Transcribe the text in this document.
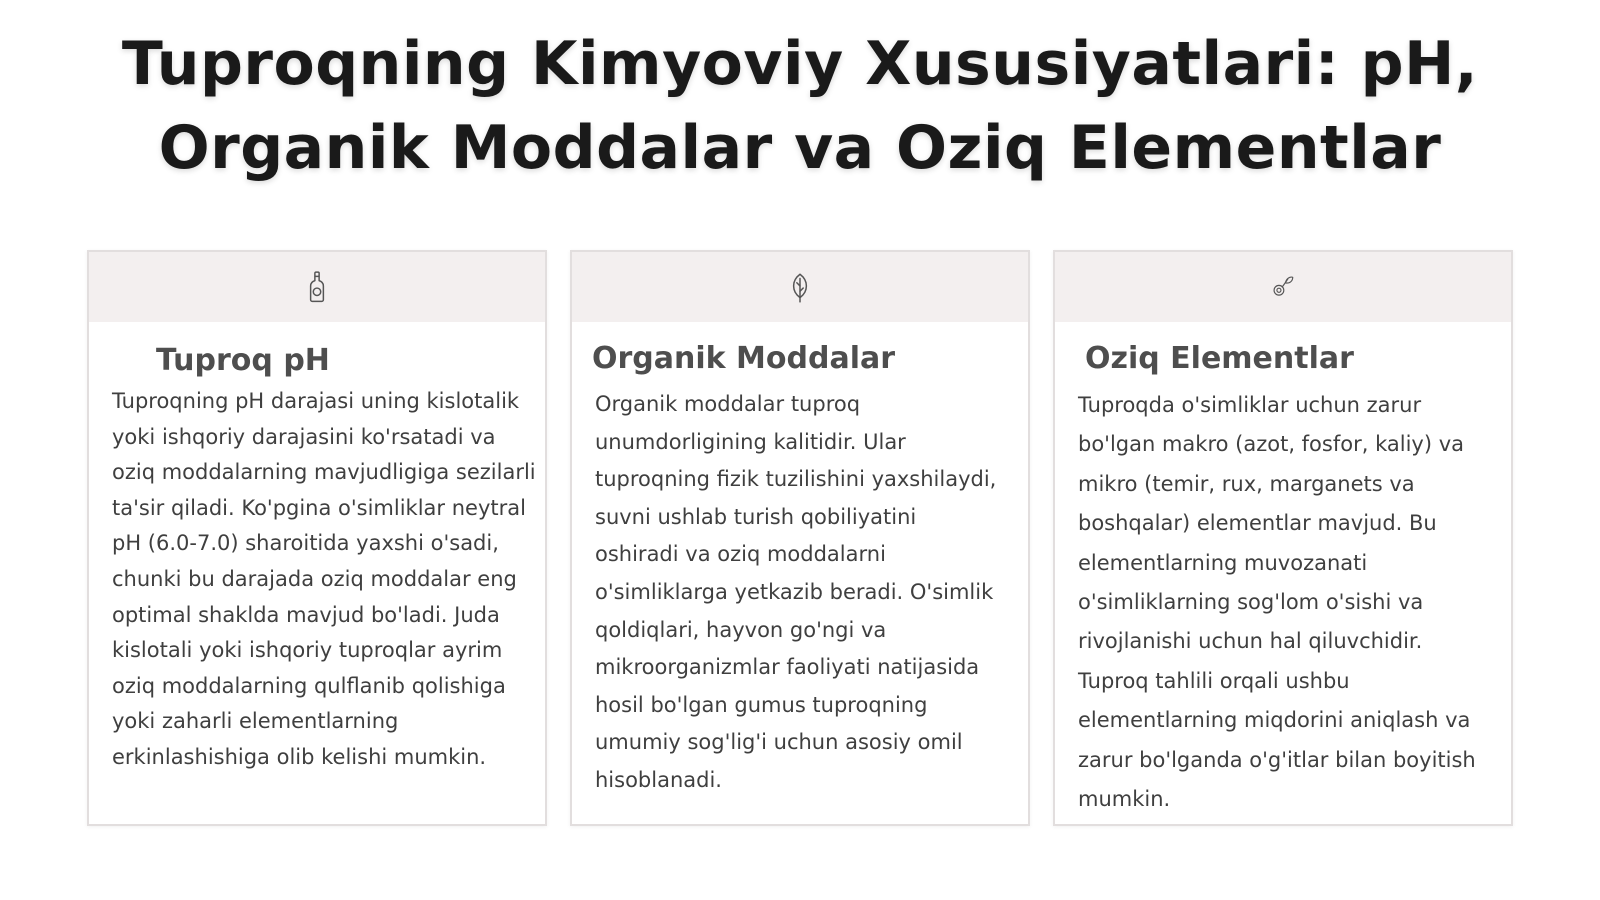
Tuproqning Kimyoviy Xususiyatlari: pH,
Organik Moddalar va Oziq Elementlar
Tuproq pH

Tuproqning pH darajasi uning kislotalik yoki ishqoriy darajasini ko'rsatadi va oziq moddalarning mavjudligiga sezilarli ta'sir qiladi. Ko'pgina o'simliklar neytral pH (6.0-7.0) sharoitida yaxshi o'sadi, chunki bu darajada oziq moddalar eng optimal shaklda mavjud bo'ladi. Juda kislotali yoki ishqoriy tuproqlar ayrim oziq moddalarning qulflanib qolishiga yoki zaharli elementlarning erkinlashishiga olib kelishi mumkin.

Organik Moddalar

Organik moddalar tuproq unumdorligining kalitidir. Ular tuproqning fizik tuzilishini yaxshilaydi, suvni ushlab turish qobiliyatini oshiradi va oziq moddalarni o'simliklarga yetkazib beradi. O'simlik qoldiqlari, hayvon go'ngi va mikroorganizmlar faoliyati natijasida hosil bo'lgan gumus tuproqning umumiy sog'lig'i uchun asosiy omil hisoblanadi.

Oziq Elementlar

Tuproqda o'simliklar uchun zarur bo'lgan makro (azot, fosfor, kaliy) va mikro (temir, rux, marganets va boshqalar) elementlar mavjud. Bu elementlarning muvozanati o'simliklarning sog'lom o'sishi va rivojlanishi uchun hal qiluvchidir. Tuproq tahlili orqali ushbu elementlarning miqdorini aniqlash va zarur bo'lganda o'g'itlar bilan boyitish mumkin.
